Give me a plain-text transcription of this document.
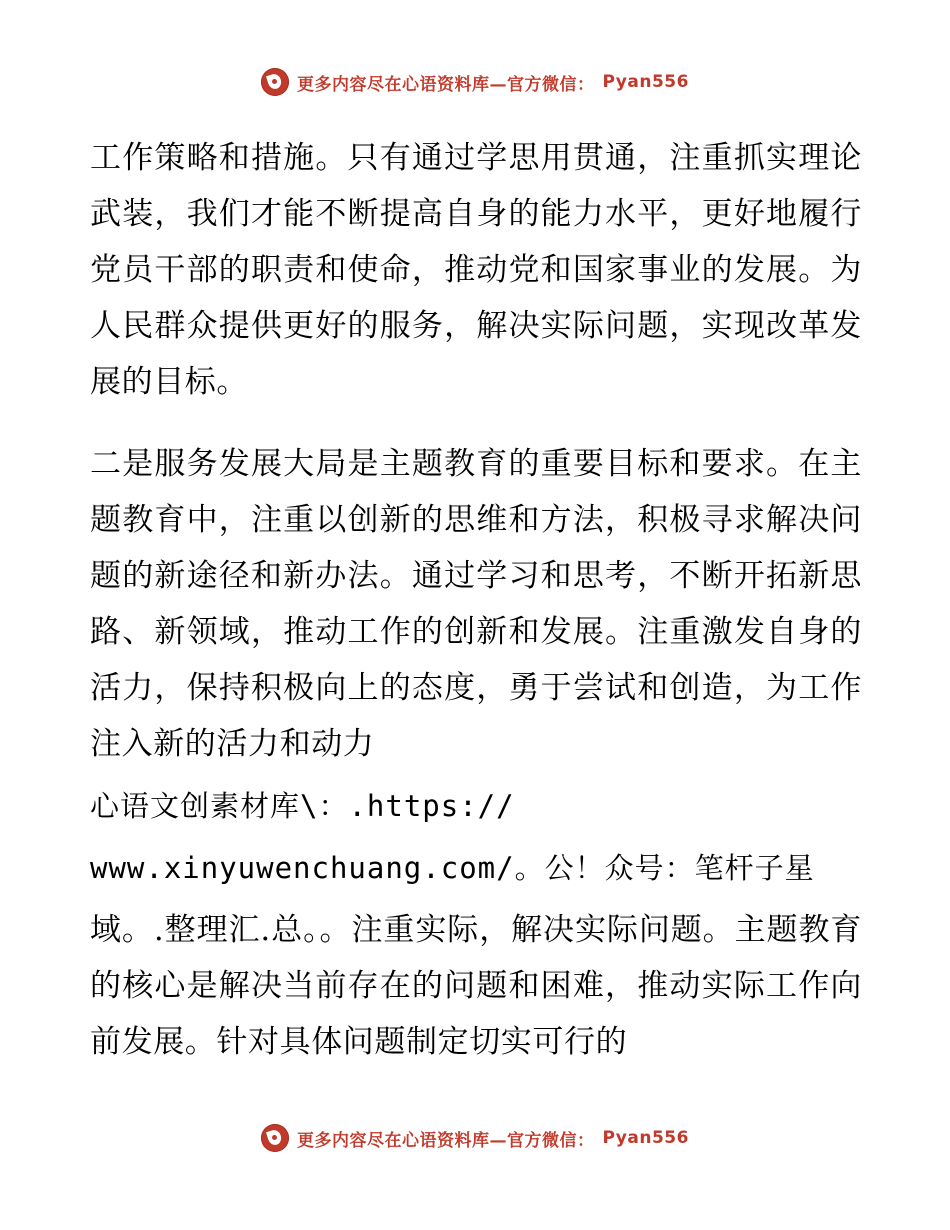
更多内容尽在心语资料库—官方微信： Pyan556

工作策略和措施。只有通过学思用贯通，注重抓实理论武装，我们才能不断提高自身的能力水平，更好地履行党员干部的职责和使命，推动党和国家事业的发展。为人民群众提供更好的服务，解决实际问题，实现改革发展的目标。

二是服务发展大局是主题教育的重要目标和要求。在主题教育中，注重以创新的思维和方法，积极寻求解决问题的新途径和新办法。通过学习和思考，不断开拓新思路、新领域，推动工作的创新和发展。注重激发自身的活力，保持积极向上的态度，勇于尝试和创造，为工作注入新的活力和动力

心语文创素材库\：.https://

www.xinyuwenchuang.com/。公！众号：笔杆子星

域。.整理汇.总。。注重实际，解决实际问题。主题教育的核心是解决当前存在的问题和困难，推动实际工作向前发展。针对具体问题制定切实可行的

更多内容尽在心语资料库—官方微信： Pyan556
